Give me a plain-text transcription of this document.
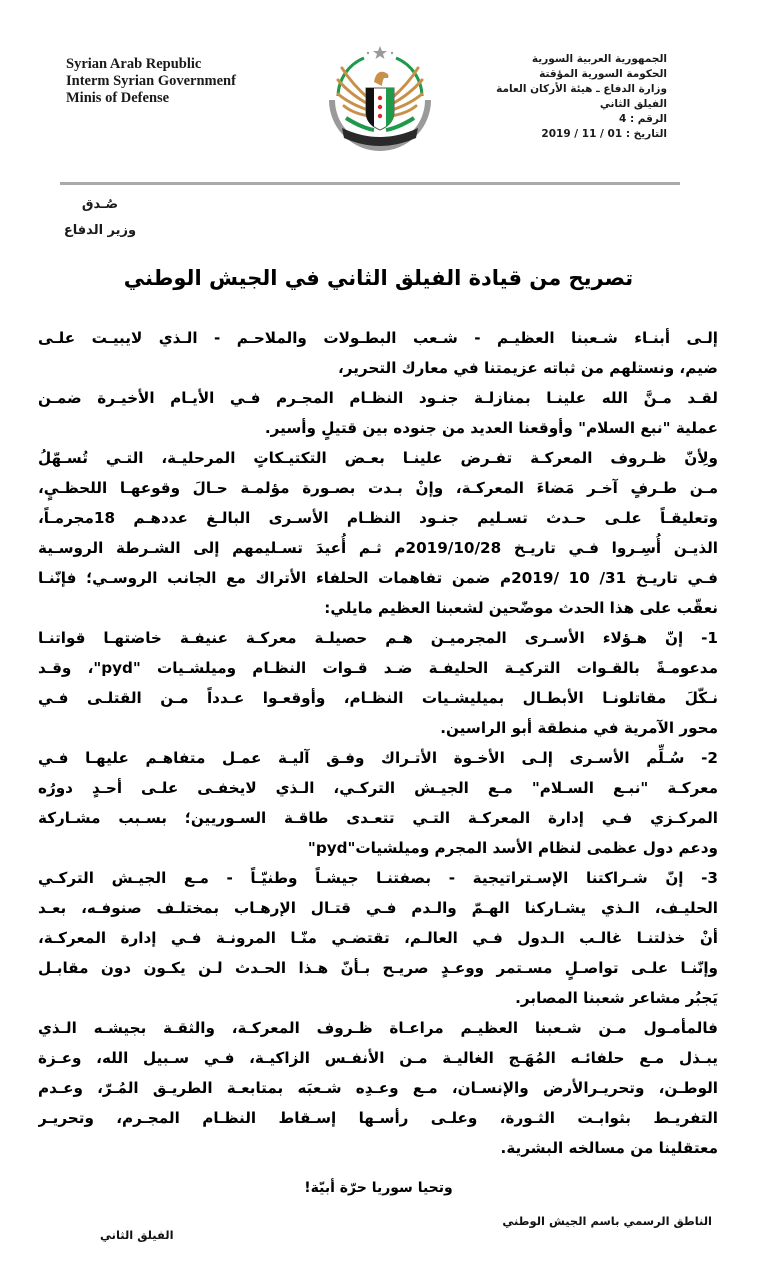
Syrian Arab Republic
Interm Syrian Governmenf
Minis of Defense
الجمهورية العربية السورية
الحكومة السورية المؤقتة
وزارة الدفاع ـ هيئة الأركان العامة
الفيلق الثاني
الرقم : 4
التاريخ : 2019 / 11 / 01
صُـدق
وزير الدفاع
تصريح من قيادة الفيلق الثاني في الجيش الوطني
إلـى أبنـاء شـعبنا العظيـم - شـعب البطـولات والملاحـم - الـذي لايبيـت علـى
ضيم، ونستلهم من ثباته عزيمتنا في معارك التحرير،
لقـد مـنَّ الله علينـا بمنازلـة جنـود النظـام المجـرم فـي الأيـام الأخيـرة ضمـن
عملية "نبع السلام" وأوقعنا العديد من جنوده بين قتيلٍ وأسير.
ولِأنّ ظـروف المعركـة تفـرض علينـا بعـض التكتيـكاتٍ المرحليـة، التـي تُسـهّلُ
مـن طـرفٍ آخـر مَضاءَ المعركـة، وإنْ بـدت بصـورة مؤلمـة حـالَ وقوعهـا اللحظـيٍ،
وتعليقـاً علـى حـدث تسـليم جنـود النظـام الأسـرى البالـغ عددهـم 18مجرمـاً،
الذيـن أُسِـروا فـي تاريـخ 2019/10/28م ثـم أُعيدَ تسـليمهم إلى الشـرطة الروسـية
فـي تاريـخ 31/ 10 /2019م ضمن تفاهمات الحلفاء الأتراك مع الجانب الروسـي؛ فإنّنـا
نعقّب على هذا الحدث موضّحين لشعبنا العظيم مايلي:
1- إنّ هـؤلاء الأسـرى المجرميـن هـم حصيلـة معركـة عنيفـة خاضتهـا قواتنـا
مدعومـةً بالقـوات التركيـة الحليفـة ضـد قـوات النظـام وميلشـيات "pyd"، وقـد
نـكّلَ مقاتلونـا الأبطـال بميليشـيات النظـام، وأوقعـوا عـدداً مـن القتلـى فـي
محور الآمرية في منطقة أبو الراسين.
2- سُـلِّم الأسـرى إلـى الأخـوة الأتـراك وفـق آليـة عمـل متفاهـم عليهـا فـي
معركـة "نبـع السـلام" مـع الجيـش التركـي، الـذي لايخفـى علـى أحـدٍ دورُه
المركـزي فـي إدارة المعركـة التـي تتعـدى طاقـة السـوريين؛ بسـبب مشـاركة
ودعم دول عظمى لنظام الأسد المجرم وميلشيات"pyd"
3- إنّ شـراكتنا الإسـتراتيجية - بصفتنـا جيشـاً وطنيّـاً - مـع الجيـش التركـي
الحليـف، الـذي يشـاركنا الهـمّ والـدم فـي قتـال الإرهـاب بمختلـف صنوفـه، بعـد
أنْ خذلتنـا غالـب الـدول فـي العالـم، تقتضـي منّـا المرونـة فـي إدارة المعركـة،
وإنّنـا علـى تواصـلٍ مسـتمر ووعـدٍ صريـح بـأنّ هـذا الحـدث لـن يكـون دون مقابـل
يَجبُر مشاعر شعبنا المصابر.
فالمأمـول مـن شـعبنا العظيـم مراعـاة ظـروف المعركـة، والثقـة بجيشـه الـذي
يبـذل مـع حلفائـه المُهَـج الغاليـة مـن الأنفـس الزاكيـة، فـي سـبيل الله، وعـزة
الوطـن، وتحريـرالأرض والإنسـان، مـع وعـدِه شـعبَه بمتابعـة الطريـق المُـرّ، وعـدم
التفريـط بثوابـت الثـورة، وعلـى رأسـها إسـقاط النظـام المجـرم، وتحريـر
معتقلينا من مسالخه البشرية.
وتحيا سوريا حرّة أبيّة!
الناطق الرسمي باسم الجيش الوطني
الفيلق الثاني
